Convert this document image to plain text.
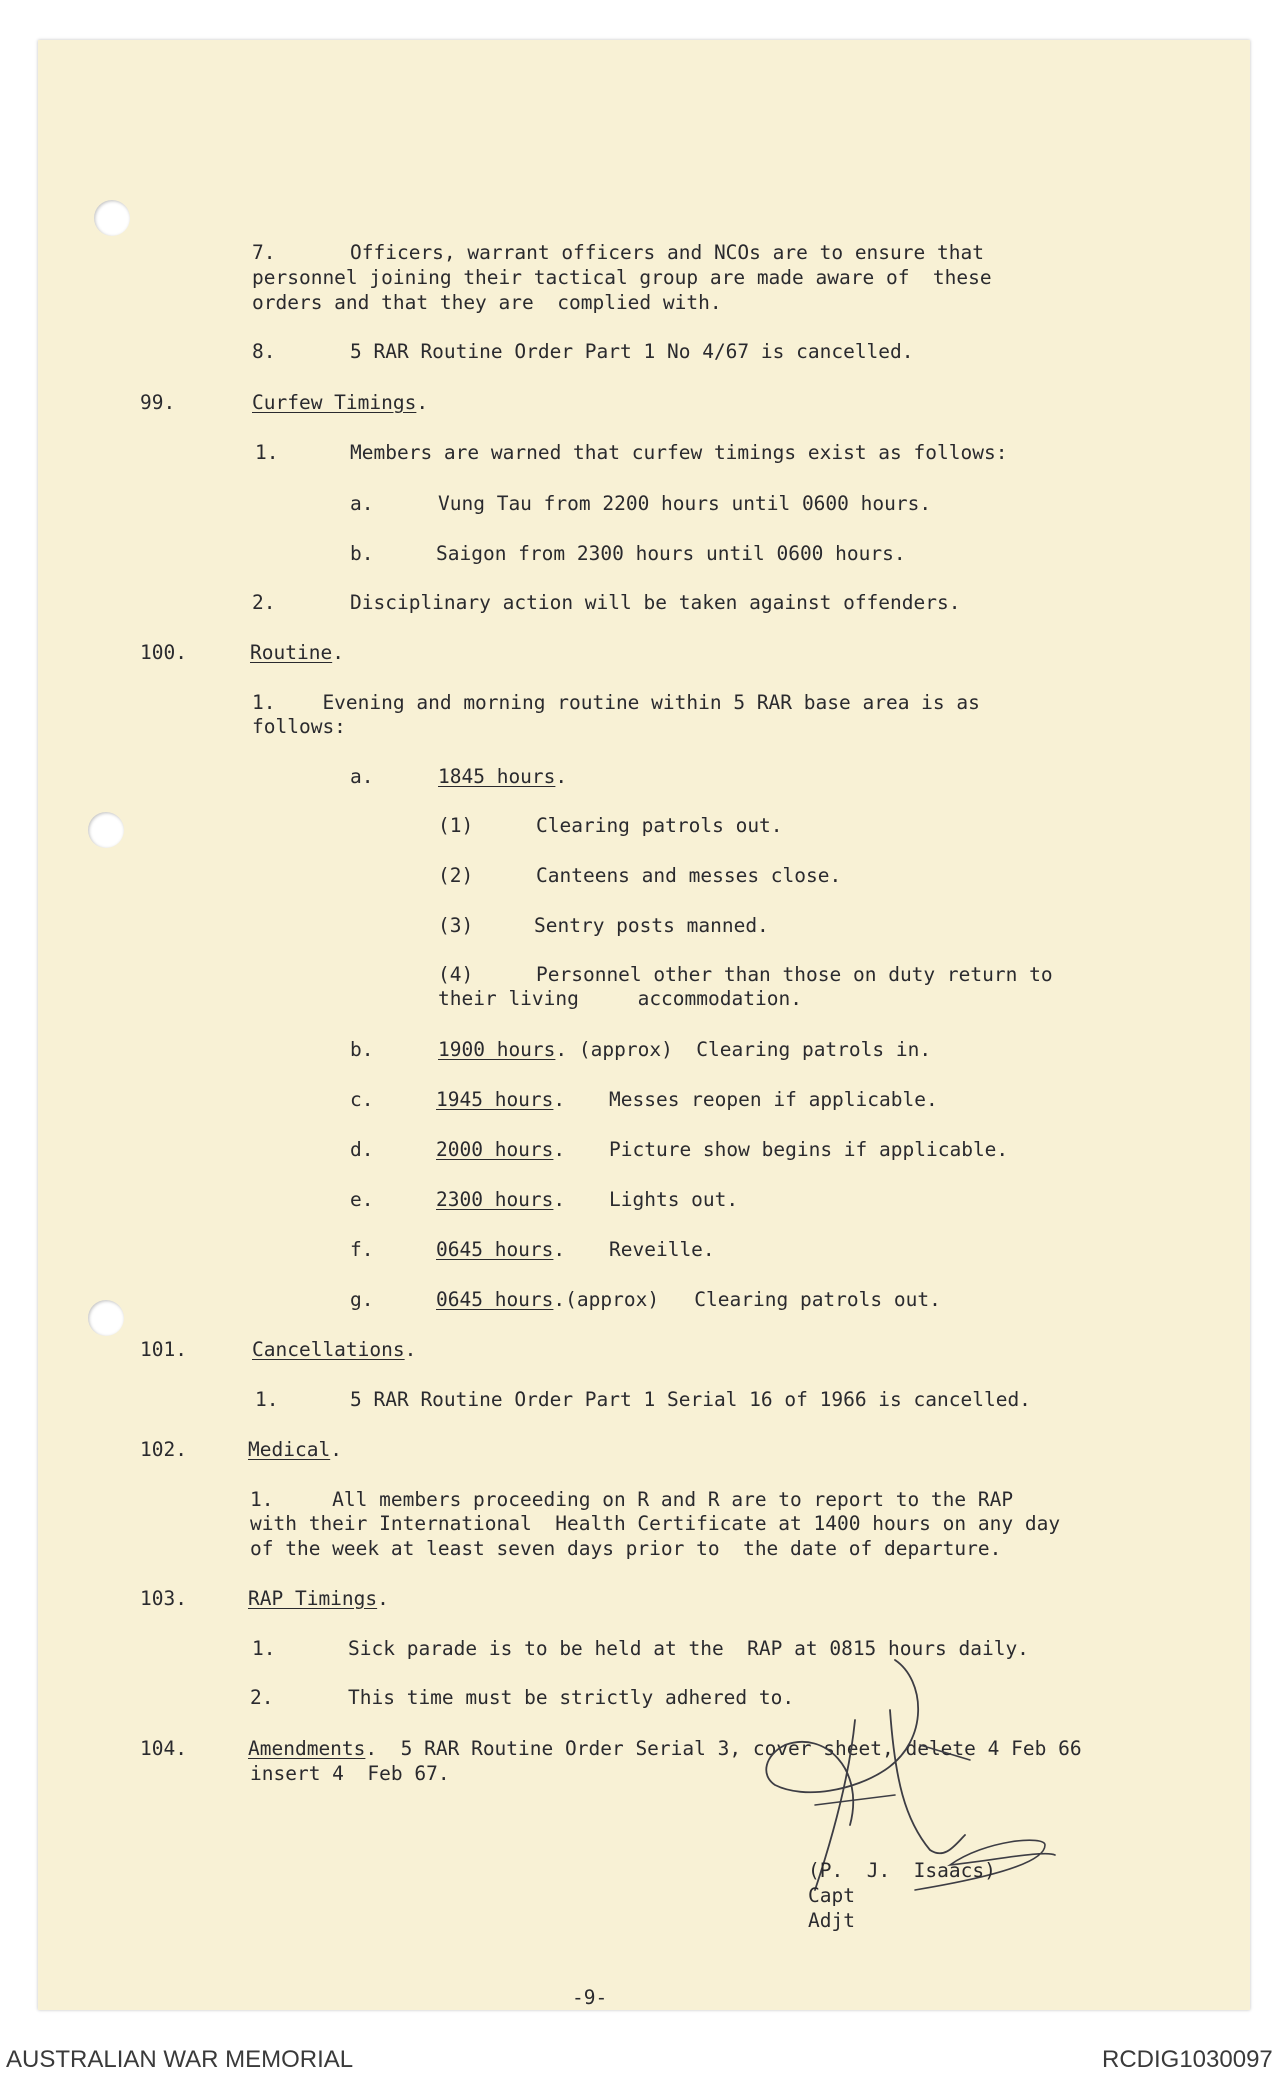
7.	Officers, warrant officers and NCOs are to ensure that
personnel joining their tactical group are made aware of  these
orders and that they are  complied with.
8.	5 RAR Routine Order Part 1 No 4/67 is cancelled.
99.	Curfew Timings.
1.	Members are warned that curfew timings exist as follows:
a.	Vung Tau from 2200 hours until 0600 hours.
b.	Saigon from 2300 hours until 0600 hours.
2.	Disciplinary action will be taken against offenders.
100.	Routine.
1.    Evening and morning routine within 5 RAR base area is as
follows:
a.	1845 hours.
(1)	Clearing patrols out.
(2)	Canteens and messes close.
(3)	Sentry posts manned.
(4)	Personnel other than those on duty return to
their living     accommodation.
b.	1900 hours. (approx)  Clearing patrols in.
c.	1945 hours. Messes reopen if applicable.
d.	2000 hours. Picture show begins if applicable.
e.	2300 hours. Lights out.
f.	0645 hours. Reveille.
g.	0645 hours.(approx)   Clearing patrols out.
101.	Cancellations.
1.	5 RAR Routine Order Part 1 Serial 16 of 1966 is cancelled.
102.	Medical.
1.     All members proceeding on R and R are to report to the RAP
with their International  Health Certificate at 1400 hours on any day
of the week at least seven days prior to  the date of departure.
103.	RAP Timings.
1.	Sick parade is to be held at the  RAP at 0815 hours daily.
2.	This time must be strictly adhered to.
104.	Amendments.  5 RAR Routine Order Serial 3, cover sheet, delete 4 Feb 66
insert 4  Feb 67.
(P.  J.  Isaacs)
Capt
Adjt
-9-
AUSTRALIAN WAR MEMORIAL	RCDIG1030097
